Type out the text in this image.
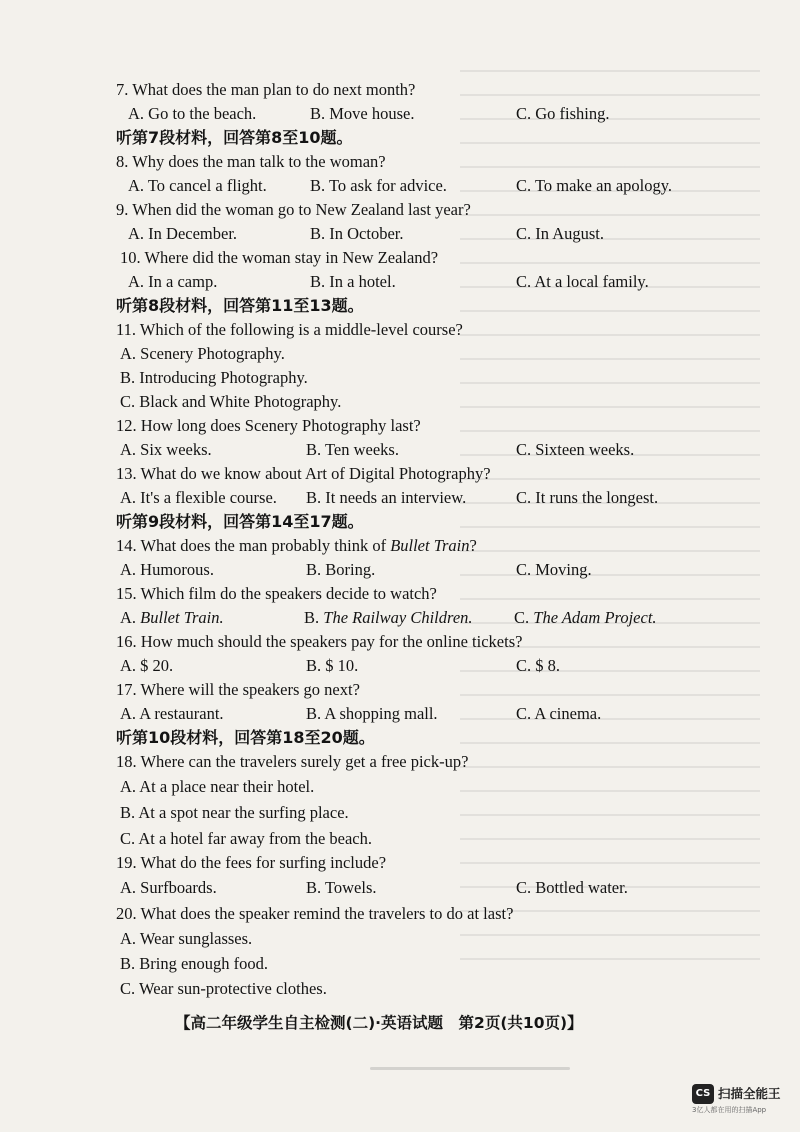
7. What does the man plan to do next month?
A. Go to the beach.	B. Move house.	C. Go fishing.
听第7段材料，回答第8至10题。
8. Why does the man talk to the woman?
A. To cancel a flight.	B. To ask for advice.	C. To make an apology.
9. When did the woman go to New Zealand last year?
A. In December.	B. In October.	C. In August.
10. Where did the woman stay in New Zealand?
A. In a camp.	B. In a hotel.	C. At a local family.
听第8段材料，回答第11至13题。
11. Which of the following is a middle-level course?
A. Scenery Photography.
B. Introducing Photography.
C. Black and White Photography.
12. How long does Scenery Photography last?
A. Six weeks.	B. Ten weeks.	C. Sixteen weeks.
13. What do we know about Art of Digital Photography?
A. It's a flexible course. B. It needs an interview.	C. It runs the longest.
听第9段材料，回答第14至17题。
14. What does the man probably think of Bullet Train?
A. Humorous.	B. Boring.	C. Moving.
15. Which film do the speakers decide to watch?
A. Bullet Train.	B. The Railway Children.	C. The Adam Project.
16. How much should the speakers pay for the online tickets?
A. $ 20.	B. $ 10.	C. $ 8.
17. Where will the speakers go next?
A. A restaurant.	B. A shopping mall.	C. A cinema.
听第10段材料，回答第18至20题。
18. Where can the travelers surely get a free pick-up?
A. At a place near their hotel.
B. At a spot near the surfing place.
C. At a hotel far away from the beach.
19. What do the fees for surfing include?
A. Surfboards.	B. Towels.	C. Bottled water.
20. What does the speaker remind the travelers to do at last?
A. Wear sunglasses.
B. Bring enough food.
C. Wear sun-protective clothes.
【高二年级学生自主检测(二)·英语试题　第2页(共10页)】
CS 扫描全能王
3亿人都在用的扫描App
